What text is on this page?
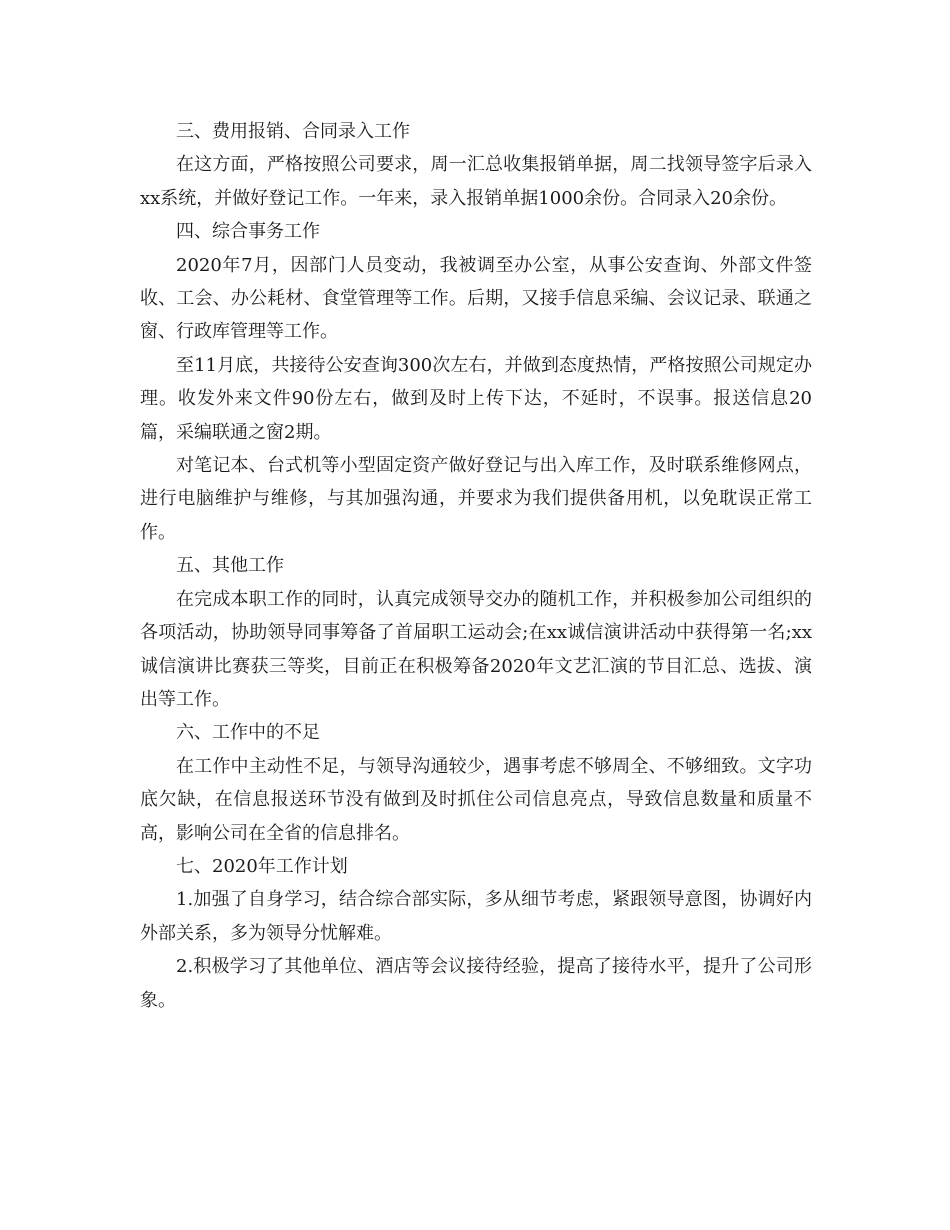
三、费用报销、合同录入工作

在这方面，严格按照公司要求，周一汇总收集报销单据，周二找领导签字后录入xx系统，并做好登记工作。一年来，录入报销单据1000余份。合同录入20余份。

四、综合事务工作

2020年7月，因部门人员变动，我被调至办公室，从事公安查询、外部文件签收、工会、办公耗材、食堂管理等工作。后期，又接手信息采编、会议记录、联通之窗、行政库管理等工作。

至11月底，共接待公安查询300次左右，并做到态度热情，严格按照公司规定办理。收发外来文件90份左右，做到及时上传下达，不延时，不误事。报送信息20篇，采编联通之窗2期。

对笔记本、台式机等小型固定资产做好登记与出入库工作，及时联系维修网点，进行电脑维护与维修，与其加强沟通，并要求为我们提供备用机，以免耽误正常工作。

五、其他工作

在完成本职工作的同时，认真完成领导交办的随机工作，并积极参加公司组织的各项活动，协助领导同事筹备了首届职工运动会;在xx诚信演讲活动中获得第一名;xx诚信演讲比赛获三等奖，目前正在积极筹备2020年文艺汇演的节目汇总、选拔、演出等工作。

六、工作中的不足

在工作中主动性不足，与领导沟通较少，遇事考虑不够周全、不够细致。文字功底欠缺，在信息报送环节没有做到及时抓住公司信息亮点，导致信息数量和质量不高，影响公司在全省的信息排名。

七、2020年工作计划

1.加强了自身学习，结合综合部实际，多从细节考虑，紧跟领导意图，协调好内外部关系，多为领导分忧解难。

2.积极学习了其他单位、酒店等会议接待经验，提高了接待水平，提升了公司形象。
